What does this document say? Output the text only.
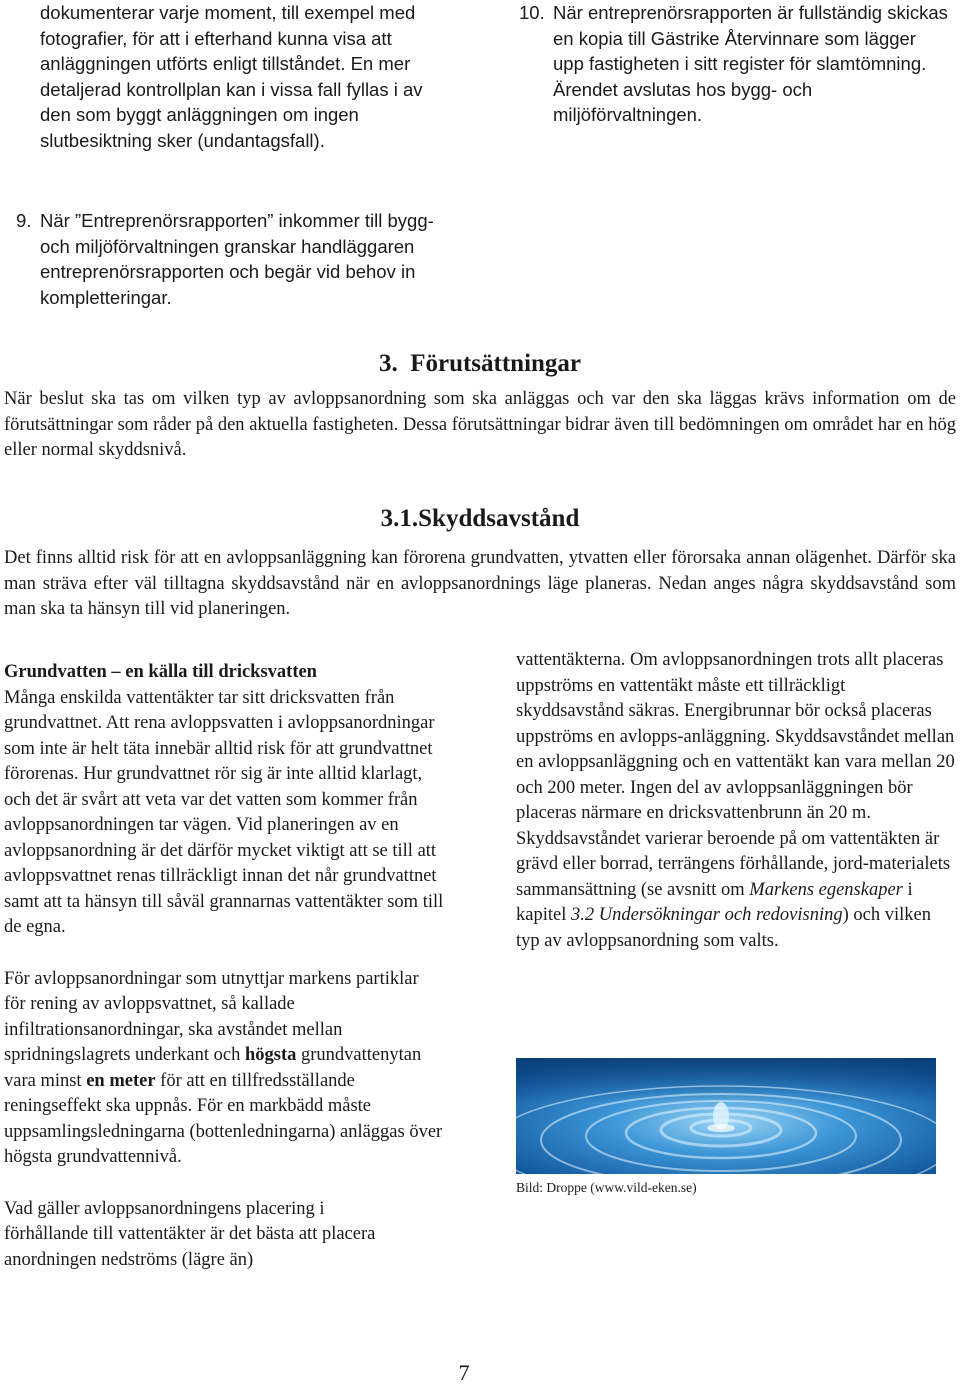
dokumenterar varje moment, till exempel med fotografier, för att i efterhand kunna visa att anläggningen utförts enligt tillståndet. En mer detaljerad kontrollplan kan i vissa fall fyllas i av den som byggt anläggningen om ingen slutbesiktning sker (undantagsfall).

10. När entreprenörsrapporten är fullständig skickas en kopia till Gästrike Återvinnare som lägger upp fastigheten i sitt register för slamtömning. Ärendet avslutas hos bygg- och miljöförvaltningen.
9. När ”Entreprenörsrapporten” inkommer till bygg- och miljöförvaltningen granskar handläggaren entreprenörsrapporten och begär vid behov in kompletteringar.
3.  Förutsättningar

När beslut ska tas om vilken typ av avloppsanordning som ska anläggas och var den ska läggas krävs information om de förutsättningar som råder på den aktuella fastigheten. Dessa förutsättningar bidrar även till bedömningen om området har en hög eller normal skyddsnivå.

3.1.Skyddsavstånd

Det finns alltid risk för att en avloppsanläggning kan förorena grundvatten, ytvatten eller förorsaka annan olägenhet. Därför ska man sträva efter väl tilltagna skyddsavstånd när en avloppsanordnings läge planeras. Nedan anges några skyddsavstånd som man ska ta hänsyn till vid planeringen.

Grundvatten – en källa till dricksvatten

Många enskilda vattentäkter tar sitt dricksvatten från grundvattnet. Att rena avloppsvatten i avloppsanordningar som inte är helt täta innebär alltid risk för att grundvattnet förorenas. Hur grundvattnet rör sig är inte alltid klarlagt, och det är svårt att veta var det vatten som kommer från avloppsanordningen tar vägen. Vid planeringen av en avloppsanordning är det därför mycket viktigt att se till att avloppsvattnet renas tillräckligt innan det når grundvattnet samt att ta hänsyn till såväl grannarnas vattentäkter som till de egna.

För avloppsanordningar som utnyttjar markens partiklar för rening av avloppsvattnet, så kallade infiltrationsanordningar, ska avståndet mellan spridningslagrets underkant och högsta grundvattenytan vara minst en meter för att en tillfredsställande reningseffekt ska uppnås. För en markbädd måste uppsamlingsledningarna (bottenledningarna) anläggas över högsta grundvattennivå.

Vad gäller avloppsanordningens placering i förhållande till vattentäkter är det bästa att placera anordningen nedströms (lägre än)

vattentäkterna. Om avloppsanordningen trots allt placeras uppströms en vattentäkt måste ett tillräckligt skyddsavstånd säkras. Energibrunnar bör också placeras uppströms en avlopps-anläggning. Skyddsavståndet mellan en avloppsanläggning och en vattentäkt kan vara mellan 20 och 200 meter. Ingen del av avloppsanläggningen bör placeras närmare en dricksvattenbrunn än 20 m. Skyddsavståndet varierar beroende på om vattentäkten är grävd eller borrad, terrängens förhållande, jord-materialets sammansättning (se avsnitt om Markens egenskaper i kapitel 3.2 Undersökningar och redovisning) och vilken typ av avloppsanordning som valts.

Bild: Droppe (www.vild-eken.se)
7
